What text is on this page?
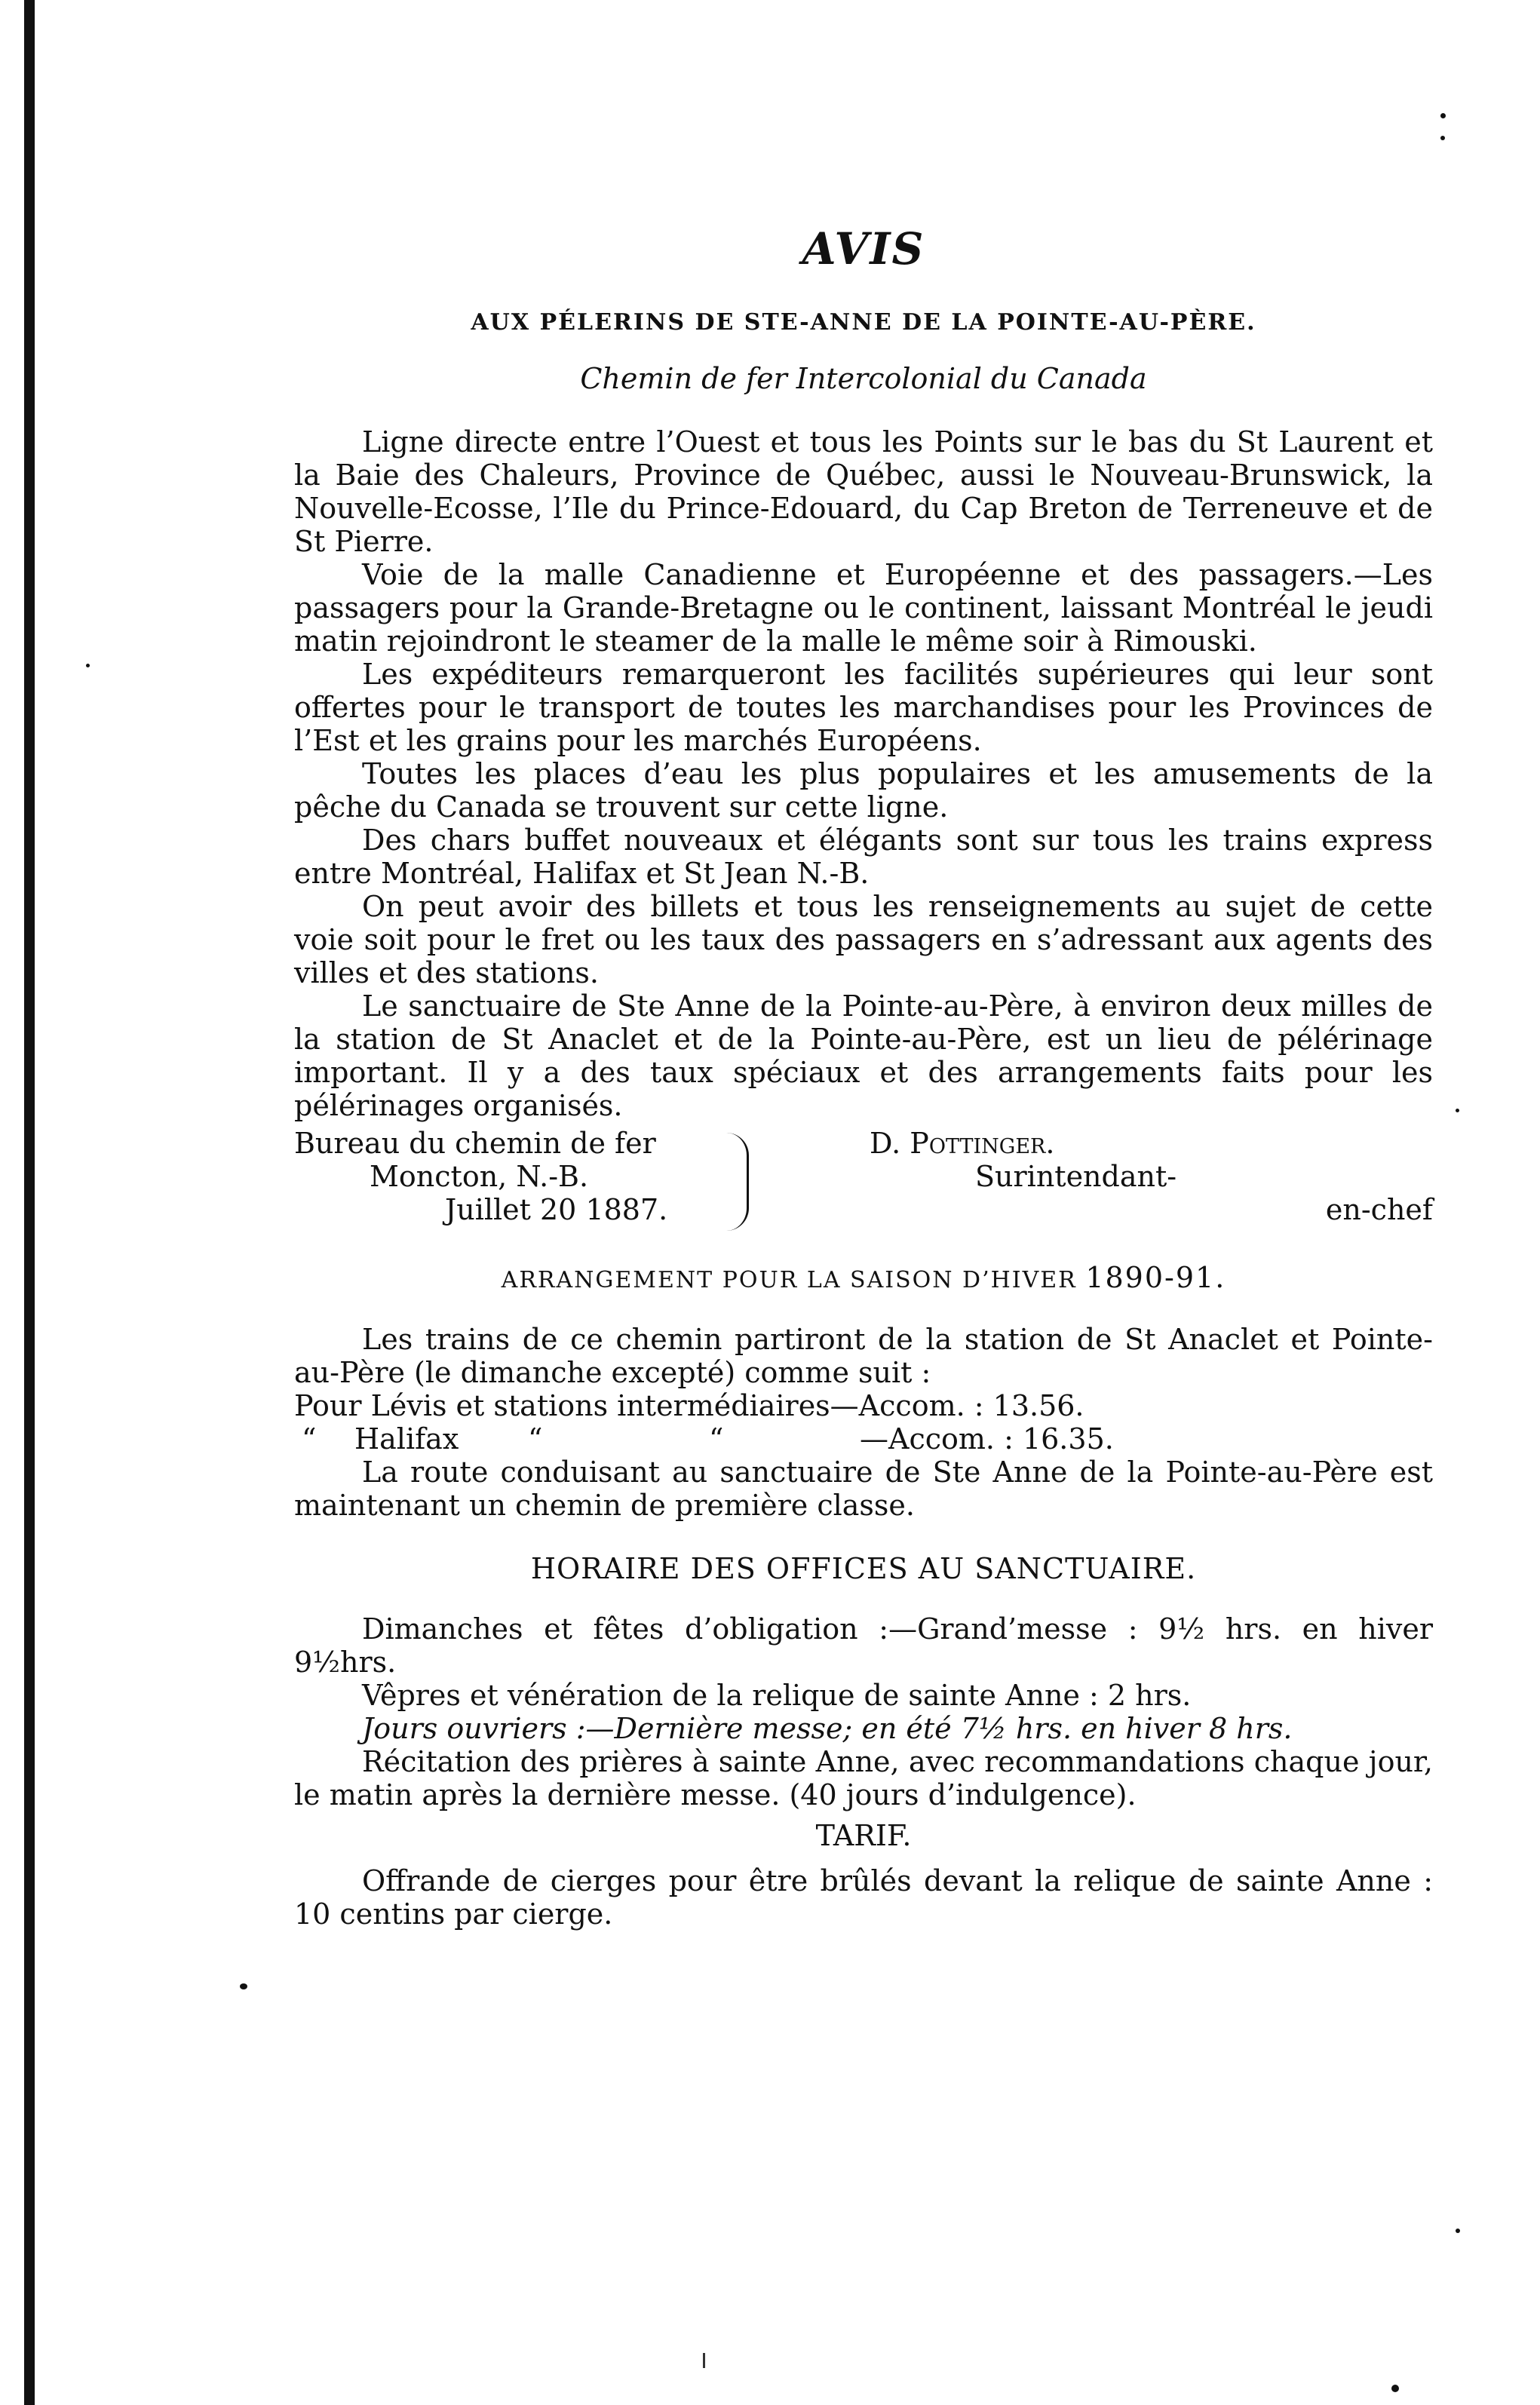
AVIS
AUX PÉLERINS DE STE-ANNE DE LA POINTE-AU-PÈRE.
Chemin de fer Intercolonial du Canada

Ligne directe entre l’Ouest et tous les Points sur le bas du St Laurent et la Baie des Chaleurs, Province de Québec, aussi le Nouveau-Brunswick, la Nouvelle-Ecosse, l’Ile du Prince-Edouard, du Cap Breton de Terreneuve et de St Pierre.

Voie de la malle Canadienne et Européenne et des passagers.—Les passagers pour la Grande-Bretagne ou le continent, laissant Montréal le jeudi matin rejoindront le steamer de la malle le même soir à Rimouski.

Les expéditeurs remarqueront les facilités supérieures qui leur sont offertes pour le transport de toutes les marchandises pour les Provinces de l’Est et les grains pour les marchés Européens.

Toutes les places d’eau les plus populaires et les amusements de la pêche du Canada se trouvent sur cette ligne.

Des chars buffet nouveaux et élégants sont sur tous les trains express entre Montréal, Halifax et St Jean N.-B.

On peut avoir des billets et tous les renseignements au sujet de cette voie soit pour le fret ou les taux des passagers en s’adressant aux agents des villes et des stations.

Le sanctuaire de Ste Anne de la Pointe-au-Père, à environ deux milles de la station de St Anaclet et de la Pointe-au-Père, est un lieu de pélérinage important. Il y a des taux spéciaux et des arrangements faits pour les pélérinages organisés.

Bureau du chemin de fer
Moncton, N.-B.
Juillet 20 1887.
D. Pottinger.
Surintendant-
en-chef
ARRANGEMENT POUR LA SAISON D’HIVER 1890-91.

Les trains de ce chemin partiront de la station de St Anaclet et Pointe-au-Père (le dimanche excepté) comme suit :

Pour Lévis et stations intermédiaires—Accom. : 13.56.

“	Halifax	“	“	—Accom. : 16.35.

La route conduisant au sanctuaire de Ste Anne de la Pointe-au-Père est maintenant un chemin de première classe.

HORAIRE DES OFFICES AU SANCTUAIRE.

Dimanches et fêtes d’obligation :—Grand’messe : 9½ hrs. en hiver 9½hrs.

Vêpres et vénération de la relique de sainte Anne : 2 hrs.

Jours ouvriers :—Dernière messe; en été 7½ hrs. en hiver 8 hrs.

Récitation des prières à sainte Anne, avec recommandations chaque jour, le matin après la dernière messe. (40 jours d’indulgence).

TARIF.

Offrande de cierges pour être brûlés devant la relique de sainte Anne : 10 centins par cierge.
